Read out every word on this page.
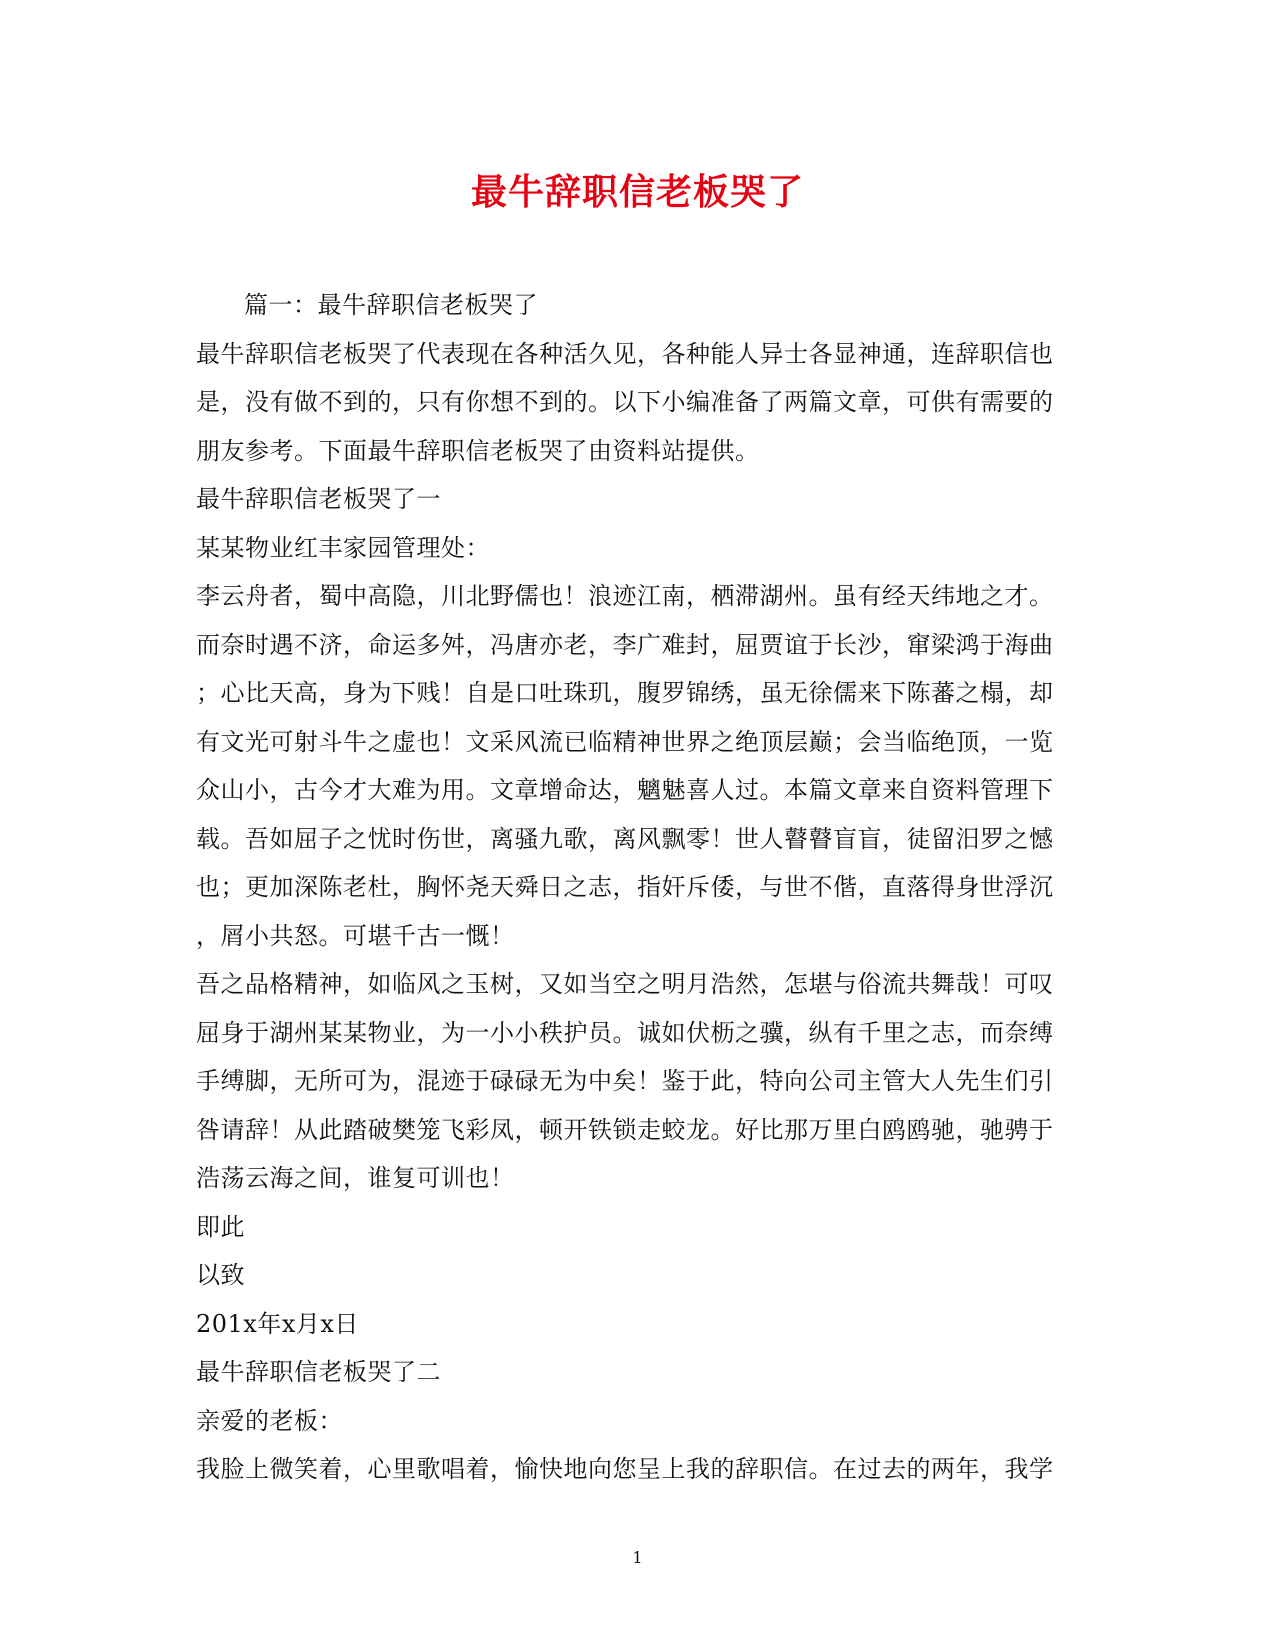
最牛辞职信老板哭了
篇一：最牛辞职信老板哭了
最牛辞职信老板哭了代表现在各种活久见，各种能人异士各显神通，连辞职信也
是，没有做不到的，只有你想不到的。以下小编准备了两篇文章，可供有需要的
朋友参考。下面最牛辞职信老板哭了由资料站提供。
最牛辞职信老板哭了一
某某物业红丰家园管理处：
李云舟者，蜀中高隐，川北野儒也！浪迹江南，栖滞湖州。虽有经天纬地之才。
而奈时遇不济，命运多舛，冯唐亦老，李广难封，屈贾谊于长沙，窜梁鸿于海曲
；心比天高，身为下贱！自是口吐珠玑，腹罗锦绣，虽无徐儒来下陈蕃之榻，却
有文光可射斗牛之虚也！文采风流已临精神世界之绝顶层巅；会当临绝顶，一览
众山小，古今才大难为用。文章增命达，魑魅喜人过。本篇文章来自资料管理下
载。吾如屈子之忧时伤世，离骚九歌，离风飘零！世人瞽瞽盲盲，徒留汨罗之憾
也；更加深陈老杜，胸怀尧天舜日之志，指奸斥倭，与世不偕，直落得身世浮沉
，屑小共怒。可堪千古一慨！
吾之品格精神，如临风之玉树，又如当空之明月浩然，怎堪与俗流共舞哉！可叹
屈身于湖州某某物业，为一小小秩护员。诚如伏枥之骥，纵有千里之志，而奈缚
手缚脚，无所可为，混迹于碌碌无为中矣！鉴于此，特向公司主管大人先生们引
咎请辞！从此踏破樊笼飞彩凤，顿开铁锁走蛟龙。好比那万里白鸥鸥驰，驰骋于
浩荡云海之间，谁复可训也！
即此
以致
201x年x月x日
最牛辞职信老板哭了二
亲爱的老板：
我脸上微笑着，心里歌唱着，愉快地向您呈上我的辞职信。在过去的两年，我学
1
